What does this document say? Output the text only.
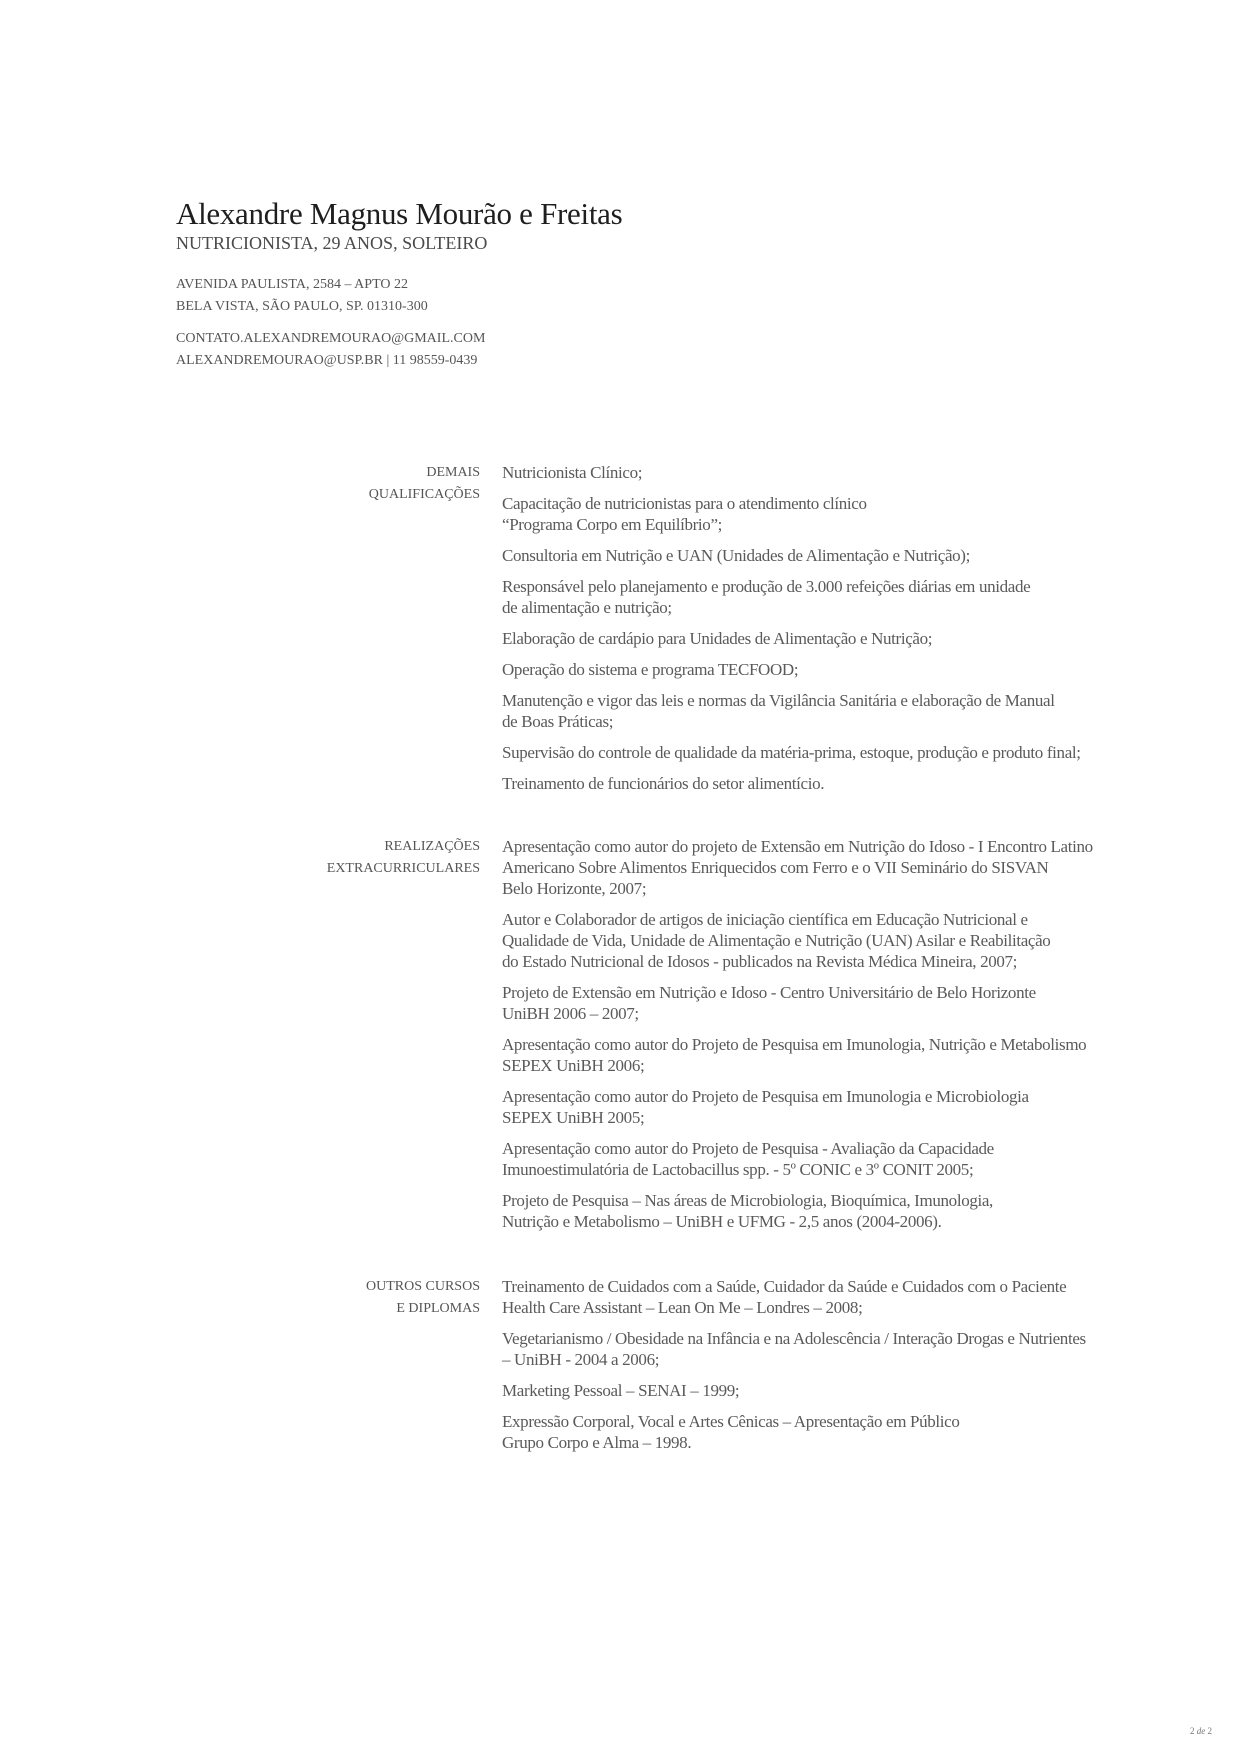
Alexandre Magnus Mourão e Freitas
NUTRICIONISTA, 29 ANOS, SOLTEIRO
AVENIDA PAULISTA, 2584 – APTO 22
BELA VISTA, SÃO PAULO, SP. 01310-300
CONTATO.ALEXANDREMOURAO@GMAIL.COM
ALEXANDREMOURAO@USP.BR | 11 98559-0439
DEMAIS
QUALIFICAÇÕES
Nutricionista Clínico;
Capacitação de nutricionistas para o atendimento clínico
“Programa Corpo em Equilíbrio”;
Consultoria em Nutrição e UAN (Unidades de Alimentação e Nutrição);
Responsável pelo planejamento e produção de 3.000 refeições diárias em unidade
de alimentação e nutrição;
Elaboração de cardápio para Unidades de Alimentação e Nutrição;
Operação do sistema e programa TECFOOD;
Manutenção e vigor das leis e normas da Vigilância Sanitária e elaboração de Manual
de Boas Práticas;
Supervisão do controle de qualidade da matéria-prima, estoque, produção e produto final;
Treinamento de funcionários do setor alimentício.
REALIZAÇÕES
EXTRACURRICULARES
Apresentação como autor do projeto de Extensão em Nutrição do Idoso - I Encontro Latino
Americano Sobre Alimentos Enriquecidos com Ferro e o VII Seminário do SISVAN
Belo Horizonte, 2007;
Autor e Colaborador de artigos de iniciação científica em Educação Nutricional e
Qualidade de Vida, Unidade de Alimentação e Nutrição (UAN) Asilar e Reabilitação
do Estado Nutricional de Idosos - publicados na Revista Médica Mineira, 2007;
Projeto de Extensão em Nutrição e Idoso - Centro Universitário de Belo Horizonte
UniBH 2006 – 2007;
Apresentação como autor do Projeto de Pesquisa em Imunologia, Nutrição e Metabolismo
SEPEX UniBH 2006;
Apresentação como autor do Projeto de Pesquisa em Imunologia e Microbiologia
SEPEX UniBH 2005;
Apresentação como autor do Projeto de Pesquisa - Avaliação da Capacidade
Imunoestimulatória de Lactobacillus spp. - 5º CONIC e 3º CONIT 2005;
Projeto de Pesquisa – Nas áreas de Microbiologia, Bioquímica, Imunologia,
Nutrição e Metabolismo – UniBH e UFMG - 2,5 anos (2004-2006).
OUTROS CURSOS
E DIPLOMAS
Treinamento de Cuidados com a Saúde, Cuidador da Saúde e Cuidados com o Paciente
Health Care Assistant – Lean On Me – Londres – 2008;
Vegetarianismo / Obesidade na Infância e na Adolescência / Interação Drogas e Nutrientes
– UniBH - 2004 a 2006;
Marketing Pessoal – SENAI – 1999;
Expressão Corporal, Vocal e Artes Cênicas – Apresentação em Público
Grupo Corpo e Alma – 1998.
2 de 2
